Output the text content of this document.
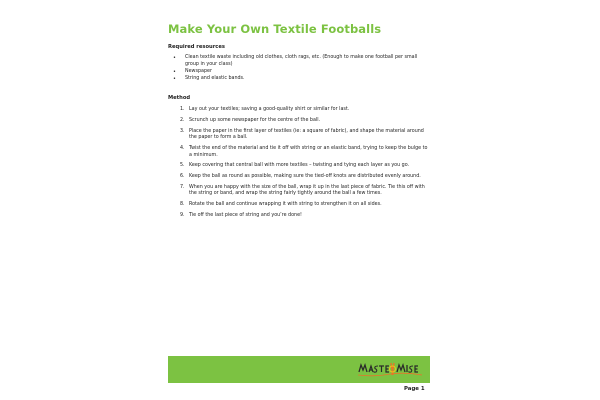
Make Your Own Textile Footballs
Required resources
• Clean textile waste including old clothes, cloth rags, etc. (Enough to make one football per small group in your class)
• Newspaper
• String and elastic bands.
Method
1. Lay out your textiles; saving a good-quality shirt or similar for last.
2. Scrunch up some newspaper for the centre of the ball.
3. Place the paper in the first layer of textiles (ie: a square of fabric), and shape the material around the paper to form a ball.
4. Twist the end of the material and tie it off with string or an elastic band, trying to keep the bulge to a minimum.
5. Keep covering that central ball with more textiles – twisting and tying each layer as you go.
6. Keep the ball as round as possible, making sure the tied-off knots are distributed evenly around.
7. When you are happy with the size of the ball, wrap it up in the last piece of fabric. Tie this off with the string or band, and wrap the string fairly tightly around the ball a few times.
8. Rotate the ball and continue wrapping it with string to strengthen it on all sides.
9. Tie off the last piece of string and you’re done!
Page 1
